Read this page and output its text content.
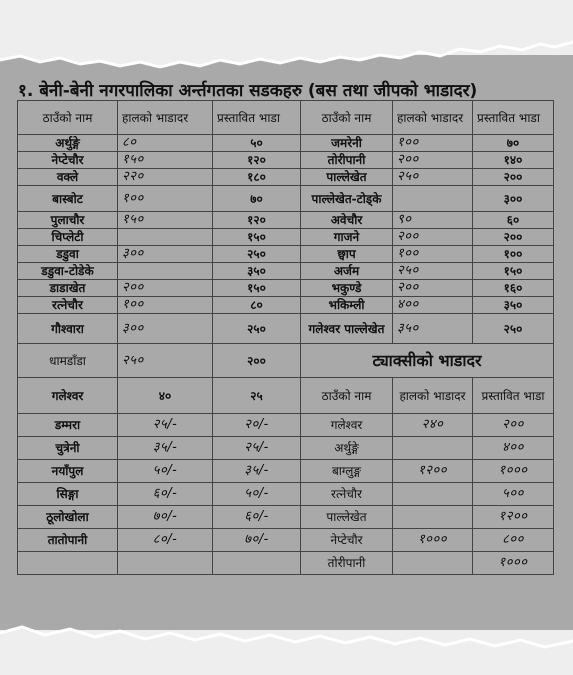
१. बेनी-बेनी नगरपालिका अर्न्तगतका सडकहरु (बस तथा जीपको भाडादर)
ठाउँको नाम	हालको भाडादर	प्रस्तावित भाडा	ठाउँको नाम	हालको भाडादर	प्रस्तावित भाडा
अर्थुङ्गे	८०	५०	जमरेनी	१००	७०
नेप्टेचौर	१५०	१२०	तोरीपानी	२००	१४०
वक्ले	२२०	१८०	पाल्लेखेत	२५०	२००
बास्बोट	१००	७०	पाल्लेखेत-टोड्के		३००
पुलाचौर	१५०	१२०	अवेचौर	९०	६०
चिप्लेटी		१५०	गाजने	२००	२००
डडुवा	३००	२५०	छ्वाप	१००	१००
डडुवा-टोडेके		३५०	अर्जम	२५०	१५०
डाडाखेत	२००	१५०	भकुण्डे	२००	१६०
रत्नेचौर	१००	८०	भकिम्ली	४००	३५०
गौश्वारा	३००	२५०	गलेश्वर पाल्लेखेत	३५०	२५०
धामडाँडा	२५०	२००	ट्याक्सीको भाडादर		
गलेश्वर	४०	२५	ठाउँको नाम	हालको भाडादर	प्रस्तावित भाडा
डम्मरा	२५/-	२०/-	गलेश्वर	२४०	२००
चुत्रेनी	३५/-	२५/-	अर्थुङ्गे		४००
नयाँपुल	५०/-	३५/-	बाग्लुङ्ग	१२००	१०००
सिङ्गा	६०/-	५०/-	रत्नेचौर		५००
ठूलोखोला	७०/-	६०/-	पाल्लेखेत		१२००
तातोपानी	८०/-	७०/-	नेप्टेचौर	१०००	८००
			तोरीपानी		१०००
